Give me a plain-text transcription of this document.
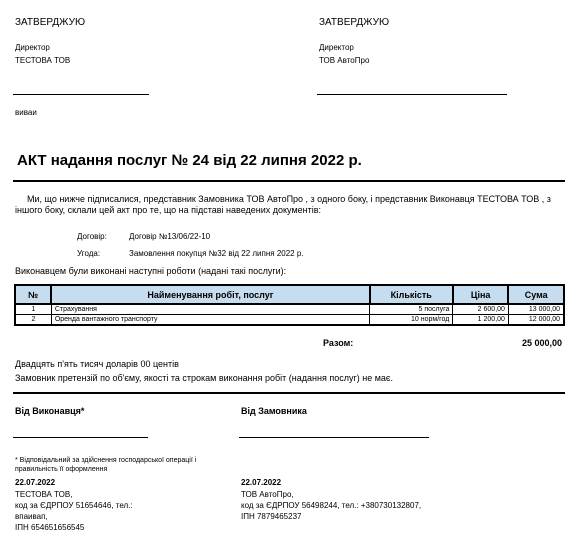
ЗАТВЕРДЖУЮ
Директор
ТЕСТОВА ТОВ
виваи
ЗАТВЕРДЖУЮ
Директор
ТОВ АвтоПро
АКТ надання послуг № 24 від 22 липня 2022 р.
Ми, що нижче підписалися, представник Замовника ТОВ АвтоПро , з одного боку, і представник Виконавця ТЕСТОВА ТОВ , з іншого боку, склали цей акт про те, що на підставі наведених документів:
Договір:	Договір №13/06/22-10
Угода:	Замовлення покупця №32 від 22 липня 2022 р.
Виконавцем були виконані наступні роботи (надані такі послуги):
№	Найменування робіт, послуг	Кількість	Ціна	Сума
1	Страхування	5 послуга	2 600,00	13 000,00
2	Оренда вантажного транспорту	10 норм/год	1 200,00	12 000,00
Разом:	25 000,00
Двадцять п'ять тисяч доларів 00 центів
Замовник претензій по об'єму, якості та строкам виконання робіт (надання послуг) не має.
Від Виконавця*
* Відповідальний за здійснення господарської операції і правильність її оформлення
22.07.2022
ТЕСТОВА ТОВ,
код за ЄДРПОУ 51654646, тел.:
впаивап,
ІПН 654651656545
Від Замовника
22.07.2022
ТОВ АвтоПро,
код за ЄДРПОУ 56498244, тел.: +380730132807,
ІПН 7879465237
